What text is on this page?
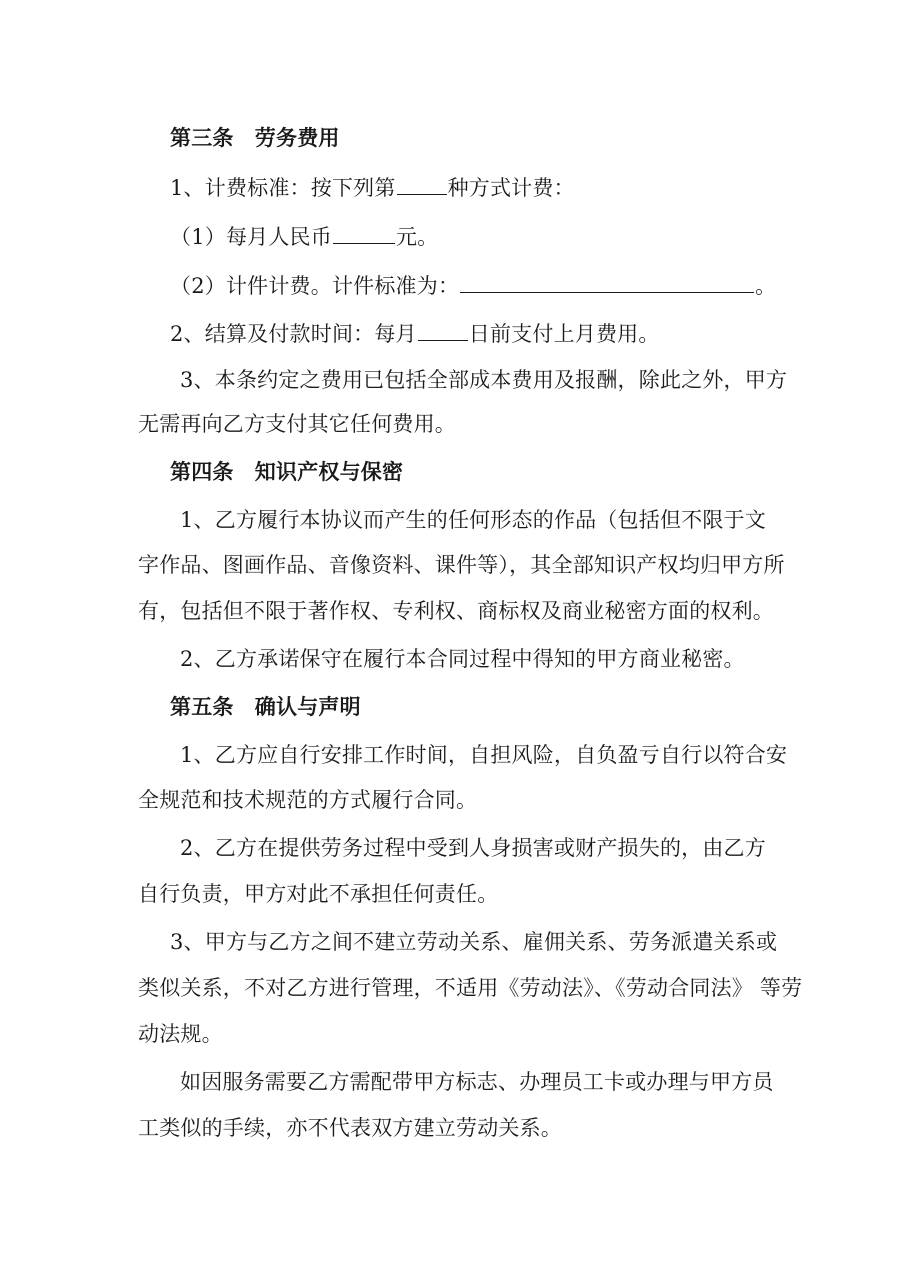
第三条　劳务费用
1、计费标准：按下列第 种方式计费：
（1）每月人民币	元。
（2）计件计费。计件标准为：	。
2、结算及付款时间：每月 日前支付上月费用。
3、本条约定之费用已包括全部成本费用及报酬，除此之外，甲方
无需再向乙方支付其它任何费用。
第四条　知识产权与保密
1、乙方履行本协议而产生的任何形态的作品（包括但不限于文
字作品、图画作品、音像资料、课件等），其全部知识产权均归甲方所
有，包括但不限于著作权、专利权、商标权及商业秘密方面的权利。
2、乙方承诺保守在履行本合同过程中得知的甲方商业秘密。
第五条　确认与声明
1、乙方应自行安排工作时间，自担风险，自负盈亏自行以符合安
全规范和技术规范的方式履行合同。
2、乙方在提供劳务过程中受到人身损害或财产损失的，由乙方
自行负责，甲方对此不承担任何责任。
3、甲方与乙方之间不建立劳动关系、雇佣关系、劳务派遣关系或
类似关系，不对乙方进行管理，不适用《劳动法》、《劳动合同法》 等劳
动法规。
如因服务需要乙方需配带甲方标志、办理员工卡或办理与甲方员
工类似的手续，亦不代表双方建立劳动关系。
